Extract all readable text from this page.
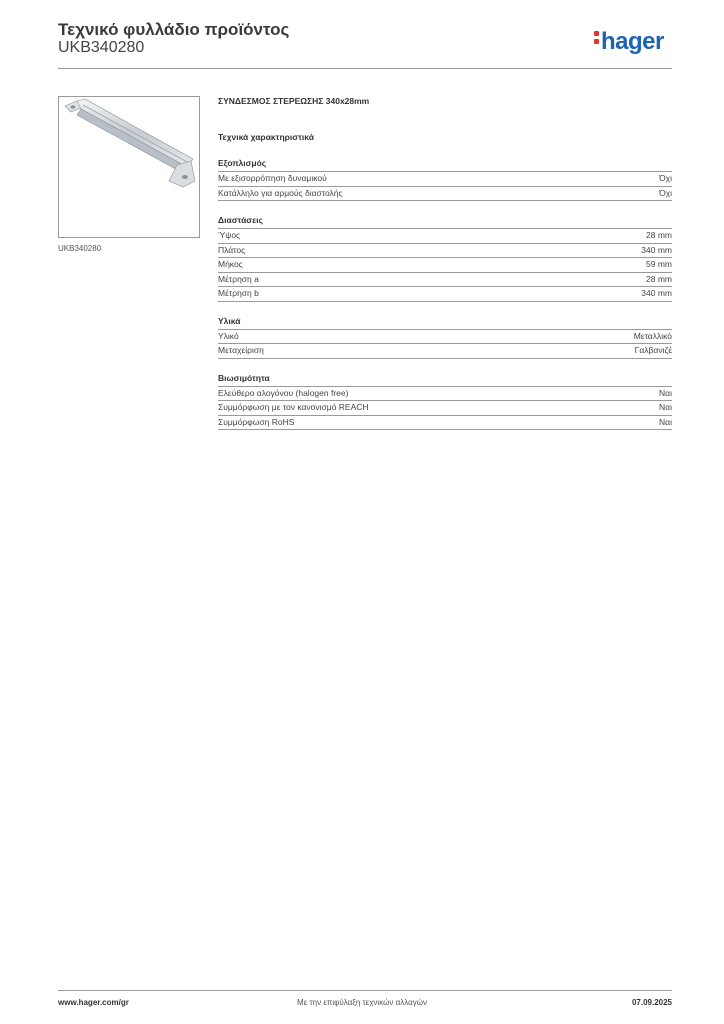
Τεχνικό φυλλάδιο προϊόντος
UKB340280	hager
UKB340280
ΣΥΝΔΕΣΜΟΣ ΣΤΕΡΕΩΣΗΣ 340x28mm
Τεχνικά χαρακτηριστικά
Εξοπλισμός
Με εξισορρόπηση δυναμικού	Όχι
Κατάλληλο για αρμούς διαστολής	Όχι
Διαστάσεις
Ύψος	28 mm
Πλάτος	340 mm
Μήκος	59 mm
Μέτρηση a	28 mm
Μέτρηση b	340 mm
Υλικά
Υλικό	Μεταλλικό
Μεταχείριση	Γαλβανιζέ
Βιωσιμότητα
Ελεύθερο αλογόνου (halogen free)	Ναι
Συμμόρφωση με τον κανονισμό REACH	Ναι
Συμμόρφωση RoHS	Ναι
www.hager.com/gr	Με την επιφύλαξη τεχνικών αλλαγών	07.09.2025
